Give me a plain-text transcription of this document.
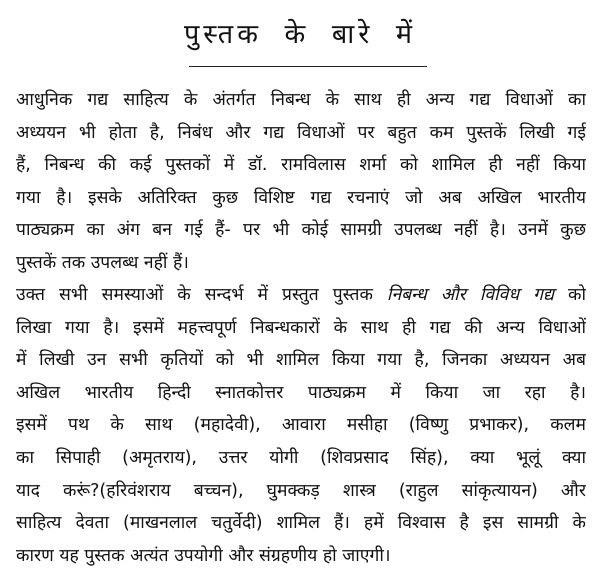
पुस्तक के बारे में
आधुनिक गद्य साहित्य के अंतर्गत निबन्ध के साथ ही अन्य गद्य विधाओं का
अध्ययन भी होता है, निबंध और गद्य विधाओं पर बहुत कम पुस्तकें लिखी गई
हैं, निबन्ध की कई पुस्तकों में डॉ. रामविलास शर्मा को शामिल ही नहीं किया
गया है। इसके अतिरिक्त कुछ विशिष्ट गद्य रचनाएं जो अब अखिल भारतीय
पाठ्यक्रम का अंग बन गई हैं- पर भी कोई सामग्री उपलब्ध नहीं है। उनमें कुछ
पुस्तकें तक उपलब्ध नहीं हैं।
उक्त सभी समस्याओं के सन्दर्भ में प्रस्तुत पुस्तक निबन्ध और विविध गद्य को
लिखा गया है। इसमें महत्त्वपूर्ण निबन्धकारों के साथ ही गद्य की अन्य विधाओं
में लिखी उन सभी कृतियों को भी शामिल किया गया है, जिनका अध्ययन अब
अखिल भारतीय हिन्दी स्नातकोत्तर पाठ्यक्रम में किया जा रहा है।
इसमें पथ के साथ (महादेवी), आवारा मसीहा (विष्णु प्रभाकर), कलम
का सिपाही (अमृतराय), उत्तर योगी (शिवप्रसाद सिंह), क्या भूलूं क्या
याद करूं?(हरिवंशराय बच्चन), घुमक्कड़ शास्त्र (राहुल सांकृत्यायन) और
साहित्य देवता (माखनलाल चतुर्वेदी) शामिल हैं। हमें विश्वास है इस सामग्री के
कारण यह पुस्तक अत्यंत उपयोगी और संग्रहणीय हो जाएगी।
